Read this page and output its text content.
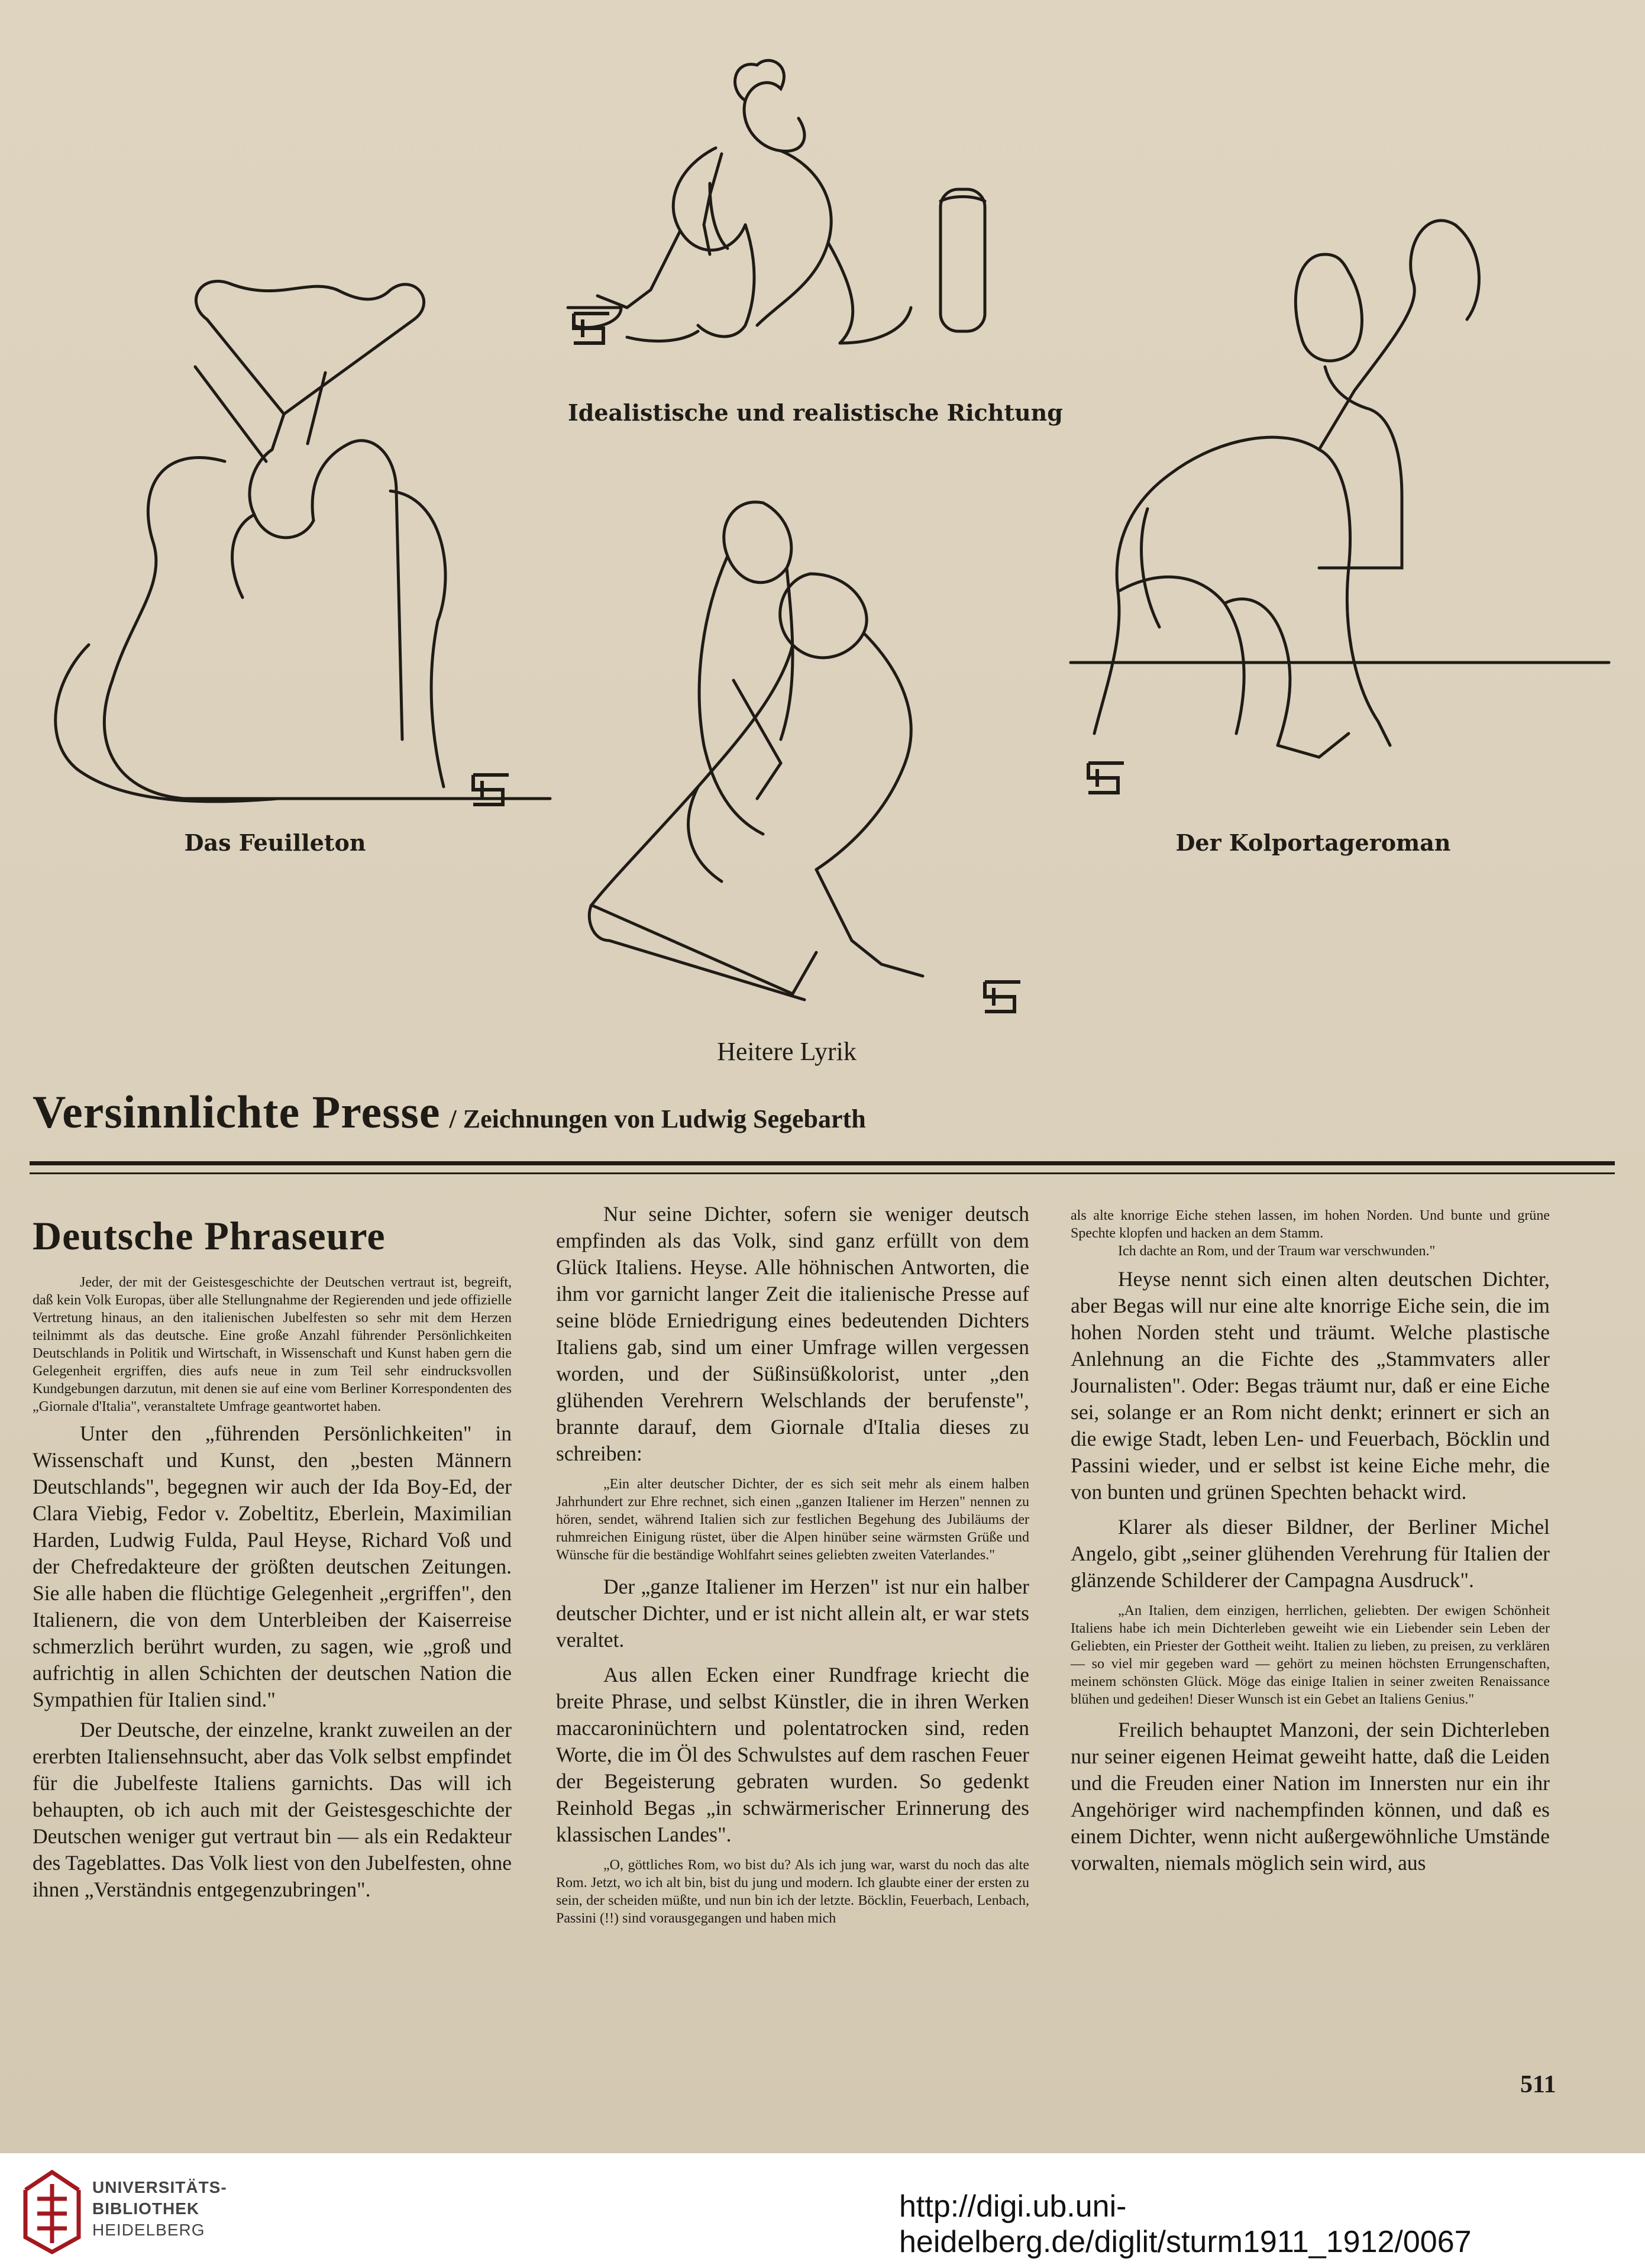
Idealistische und realistische Richtung
Das Feuilleton
Heitere Lyrik
Der Kolportageroman
Versinnlichte Presse / Zeichnungen von Ludwig Segebarth
Deutsche Phraseure

Jeder, der mit der Geistesgeschichte der Deutschen vertraut ist, begreift, daß kein Volk Europas, über alle Stellungnahme der Regierenden und jede offizielle Vertretung hinaus, an den italienischen Jubelfesten so sehr mit dem Herzen teilnimmt als das deutsche. Eine große Anzahl führender Persönlichkeiten Deutschlands in Politik und Wirtschaft, in Wissenschaft und Kunst haben gern die Gelegenheit ergriffen, dies aufs neue in zum Teil sehr eindrucksvollen Kundgebungen darzutun, mit denen sie auf eine vom Berliner Korrespondenten des „Giornale d'Italia", veranstaltete Umfrage geantwortet haben.

Unter den „führenden Persönlichkeiten" in Wissenschaft und Kunst, den „besten Männern Deutschlands", begegnen wir auch der Ida Boy-Ed, der Clara Viebig, Fedor v. Zobeltitz, Eberlein, Maximilian Harden, Ludwig Fulda, Paul Heyse, Richard Voß und der Chefredakteure der größten deutschen Zeitungen. Sie alle haben die flüchtige Gelegenheit „ergriffen", den Italienern, die von dem Unterbleiben der Kaiserreise schmerzlich berührt wurden, zu sagen, wie „groß und aufrichtig in allen Schichten der deutschen Nation die Sympathien für Italien sind."

Der Deutsche, der einzelne, krankt zuweilen an der ererbten Italiensehnsucht, aber das Volk selbst empfindet für die Jubelfeste Italiens garnichts. Das will ich behaupten, ob ich auch mit der Geistesgeschichte der Deutschen weniger gut vertraut bin — als ein Redakteur des Tageblattes. Das Volk liest von den Jubelfesten, ohne ihnen „Verständnis entgegenzubringen".

Nur seine Dichter, sofern sie weniger deutsch empfinden als das Volk, sind ganz erfüllt von dem Glück Italiens. Heyse. Alle höhnischen Antworten, die ihm vor garnicht langer Zeit die italienische Presse auf seine blöde Erniedrigung eines bedeutenden Dichters Italiens gab, sind um einer Umfrage willen vergessen worden, und der Süßinsüßkolorist, unter „den glühenden Verehrern Welschlands der berufenste", brannte darauf, dem Giornale d'Italia dieses zu schreiben:

„Ein alter deutscher Dichter, der es sich seit mehr als einem halben Jahrhundert zur Ehre rechnet, sich einen „ganzen Italiener im Herzen" nennen zu hören, sendet, während Italien sich zur festlichen Begehung des Jubiläums der ruhmreichen Einigung rüstet, über die Alpen hinüber seine wärmsten Grüße und Wünsche für die beständige Wohlfahrt seines geliebten zweiten Vaterlandes."

Der „ganze Italiener im Herzen" ist nur ein halber deutscher Dichter, und er ist nicht allein alt, er war stets veraltet.

Aus allen Ecken einer Rundfrage kriecht die breite Phrase, und selbst Künstler, die in ihren Werken maccaroninüchtern und polentatrocken sind, reden Worte, die im Öl des Schwulstes auf dem raschen Feuer der Begeisterung gebraten wurden. So gedenkt Reinhold Begas „in schwärmerischer Erinnerung des klassischen Landes".

„O, göttliches Rom, wo bist du? Als ich jung war, warst du noch das alte Rom. Jetzt, wo ich alt bin, bist du jung und modern. Ich glaubte einer der ersten zu sein, der scheiden müßte, und nun bin ich der letzte. Böcklin, Feuerbach, Lenbach, Passini (!!) sind vorausgegangen und haben mich

als alte knorrige Eiche stehen lassen, im hohen Norden. Und bunte und grüne Spechte klopfen und hacken an dem Stamm.

Ich dachte an Rom, und der Traum war verschwunden."

Heyse nennt sich einen alten deutschen Dichter, aber Begas will nur eine alte knorrige Eiche sein, die im hohen Norden steht und träumt. Welche plastische Anlehnung an die Fichte des „Stammvaters aller Journalisten". Oder: Begas träumt nur, daß er eine Eiche sei, solange er an Rom nicht denkt; erinnert er sich an die ewige Stadt, leben Len- und Feuerbach, Böcklin und Passini wieder, und er selbst ist keine Eiche mehr, die von bunten und grünen Spechten behackt wird.

Klarer als dieser Bildner, der Berliner Michel Angelo, gibt „seiner glühenden Verehrung für Italien der glänzende Schilderer der Campagna Ausdruck".

„An Italien, dem einzigen, herrlichen, geliebten. Der ewigen Schönheit Italiens habe ich mein Dichterleben geweiht wie ein Liebender sein Leben der Geliebten, ein Priester der Gottheit weiht. Italien zu lieben, zu preisen, zu verklären — so viel mir gegeben ward — gehört zu meinen höchsten Errungenschaften, meinem schönsten Glück. Möge das einige Italien in seiner zweiten Renaissance blühen und gedeihen! Dieser Wunsch ist ein Gebet an Italiens Genius."

Freilich behauptet Manzoni, der sein Dichterleben nur seiner eigenen Heimat geweiht hatte, daß die Leiden und die Freuden einer Nation im Innersten nur ein ihr Angehöriger wird nachempfinden können, und daß es einem Dichter, wenn nicht außergewöhnliche Umstände vorwalten, niemals möglich sein wird, aus

511
UNIVERSITÄTS-
BIBLIOTHEK
HEIDELBERG
http://digi.ub.uni-heidelberg.de/diglit/sturm1911_1912/0067
